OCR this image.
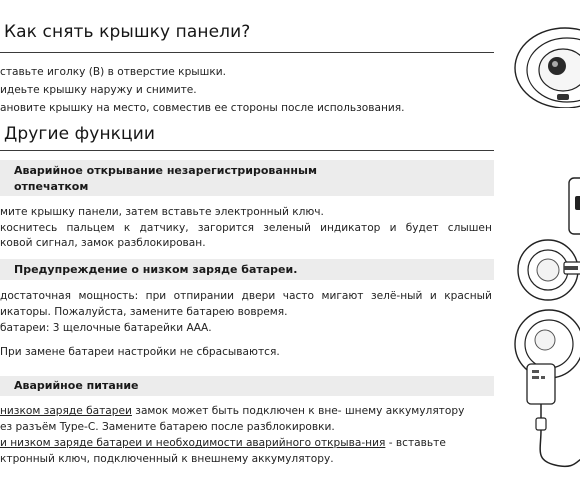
Как снять крышку панели?
ставьте иголку (B) в отверстие крышки.
идеьте крышку наружу и снимите.
ановите крышку на место, совместив ее стороны после использования.
Другие функции
Аварийное открывание незарегистрированным
отпечатком
мите крышку панели, затем вставьте электронный ключ.
коснитесь пальцем к датчику, загорится зеленый индикатор и будет слышен
ковой сигнал, замок разблокирован.
Предупреждение о низком заряде батареи.
достаточная мощность: при отпирании двери часто мигают зелё-ный и красный
икаторы. Пожалуйста, замените батарею вовремя.
батареи: 3 щелочные батарейки ААА.
При замене батареи настройки не сбрасываются.
Аварийное питание
низком заряде батареи замок может быть подключен к вне- шнему аккумулятору
ез разъём Type-C. Замените батарею после разблокировки.
и низком заряде батареи и необходимости аварийного открыва-ния - вставьте
ктронный ключ, подключенный к внешнему аккумулятору.
